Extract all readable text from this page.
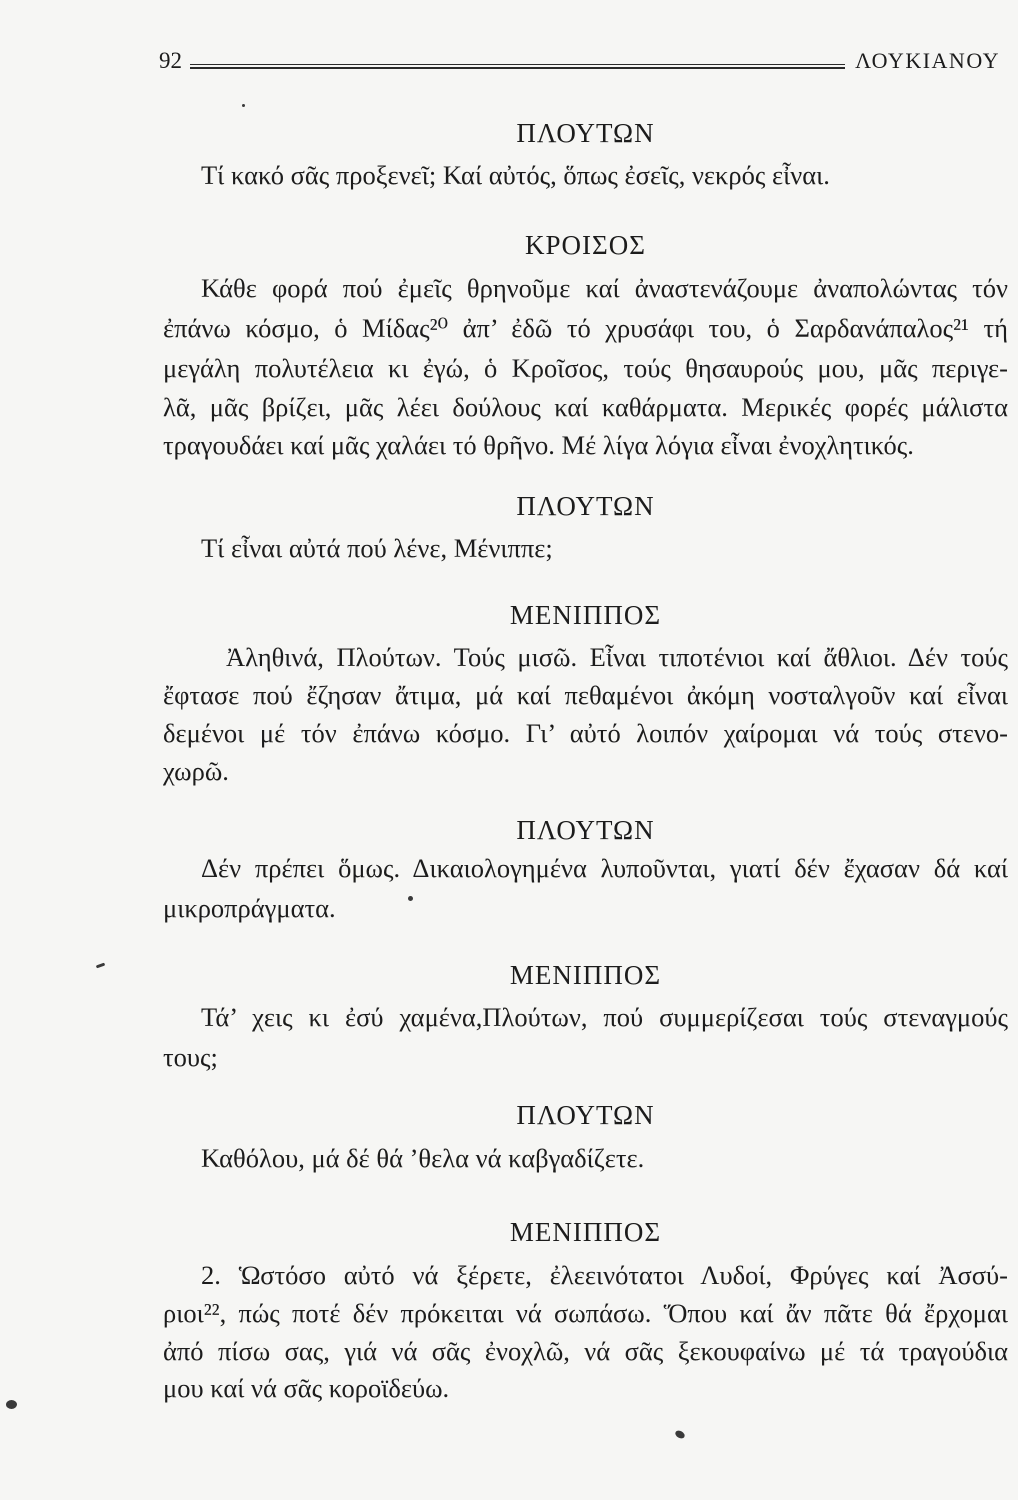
92	ΛΟΥΚΙΑΝΟΥ
ΠΛΟΥΤΩΝ
Τί κακό σᾶς προξενεῖ; Καί αὐτός, ὅπως ἐσεῖς, νεκρός εἶναι.
ΚΡΟΙΣΟΣ
Κάθε φορά πού ἐμεῖς θρηνοῦμε καί ἀναστενάζουμε ἀναπολώντας τόν
ἐπάνω κόσμο, ὁ Μίδας²⁰ ἀπ’ ἐδῶ τό χρυσάφι του, ὁ Σαρδανάπαλος²¹ τή
μεγάλη πολυτέλεια κι ἐγώ, ὁ Κροῖσος, τούς θησαυρούς μου, μᾶς περιγε-
λᾶ, μᾶς βρίζει, μᾶς λέει δούλους καί καθάρματα. Μερικές φορές μάλιστα
τραγουδάει καί μᾶς χαλάει τό θρῆνο. Μέ λίγα λόγια εἶναι ἐνοχλητικός.
ΠΛΟΥΤΩΝ
Τί εἶναι αὐτά πού λένε, Μένιππε;
ΜΕΝΙΠΠΟΣ
Ἀληθινά, Πλούτων. Τούς μισῶ. Εἶναι τιποτένιοι καί ἄθλιοι. Δέν τούς
ἔφτασε πού ἔζησαν ἄτιμα, μά καί πεθαμένοι ἀκόμη νοσταλγοῦν καί εἶναι
δεμένοι μέ τόν ἐπάνω κόσμο. Γι’ αὐτό λοιπόν χαίρομαι νά τούς στενο-
χωρῶ.
ΠΛΟΥΤΩΝ
Δέν πρέπει ὅμως. Δικαιολογημένα λυποῦνται, γιατί δέν ἔχασαν δά καί
μικροπράγματα.
ΜΕΝΙΠΠΟΣ
Τά’ χεις κι ἐσύ χαμένα,Πλούτων, πού συμμερίζεσαι τούς στεναγμούς
τους;
ΠΛΟΥΤΩΝ
Καθόλου, μά δέ θά ’θελα νά καβγαδίζετε.
ΜΕΝΙΠΠΟΣ
2. Ὡστόσο αὐτό νά ξέρετε, ἐλεεινότατοι Λυδοί, Φρύγες καί Ἀσσύ-
ριοι²², πώς ποτέ δέν πρόκειται νά σωπάσω. Ὅπου καί ἄν πᾶτε θά ἔρχομαι
ἀπό πίσω σας, γιά νά σᾶς ἐνοχλῶ, νά σᾶς ξεκουφαίνω μέ τά τραγούδια
μου καί νά σᾶς κοροϊδεύω.
